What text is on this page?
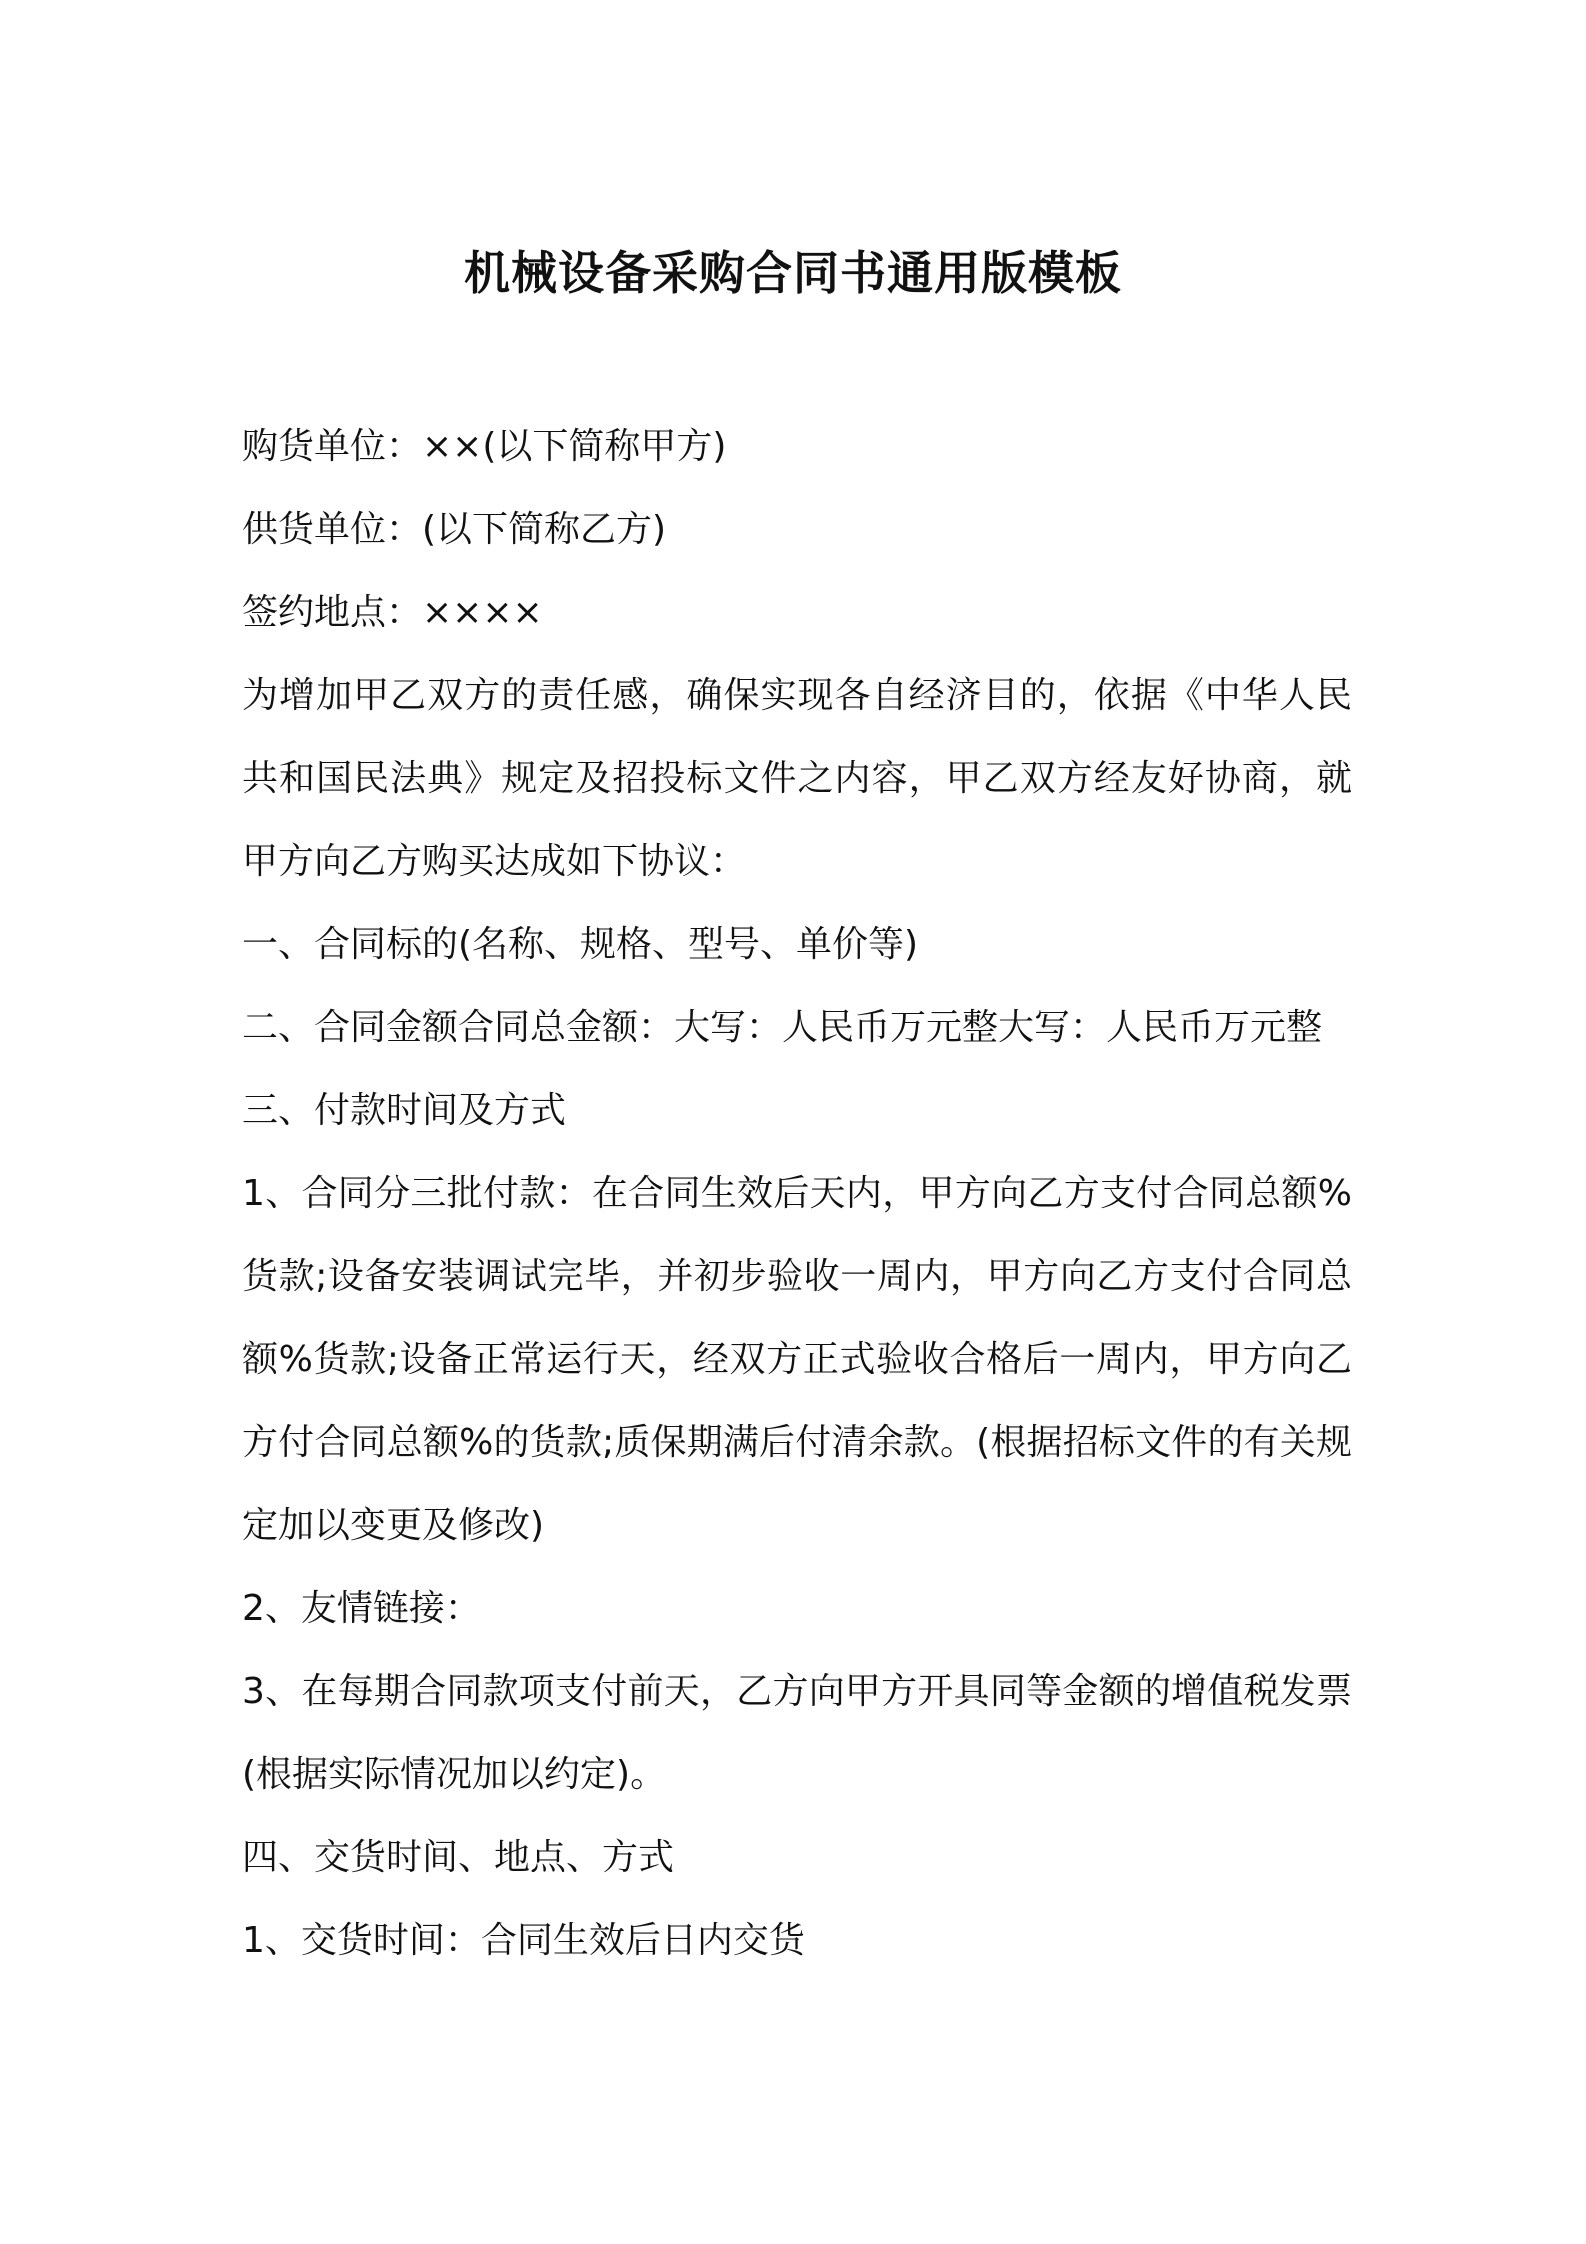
机械设备采购合同书通用版模板

购货单位：××(以下简称甲方)

供货单位：(以下简称乙方)

签约地点：××××

为增加甲乙双方的责任感，确保实现各自经济目的，依据《中华人民共和国民法典》规定及招投标文件之内容，甲乙双方经友好协商，就甲方向乙方购买达成如下协议：

一、合同标的(名称、规格、型号、单价等)

二、合同金额合同总金额：大写：人民币万元整大写：人民币万元整

三、付款时间及方式

1、合同分三批付款：在合同生效后天内，甲方向乙方支付合同总额%货款;设备安装调试完毕，并初步验收一周内，甲方向乙方支付合同总额%货款;设备正常运行天，经双方正式验收合格后一周内，甲方向乙方付合同总额%的货款;质保期满后付清余款。(根据招标文件的有关规定加以变更及修改)

2、友情链接：

3、在每期合同款项支付前天，乙方向甲方开具同等金额的增值税发票(根据实际情况加以约定)。

四、交货时间、地点、方式

1、交货时间：合同生效后日内交货
